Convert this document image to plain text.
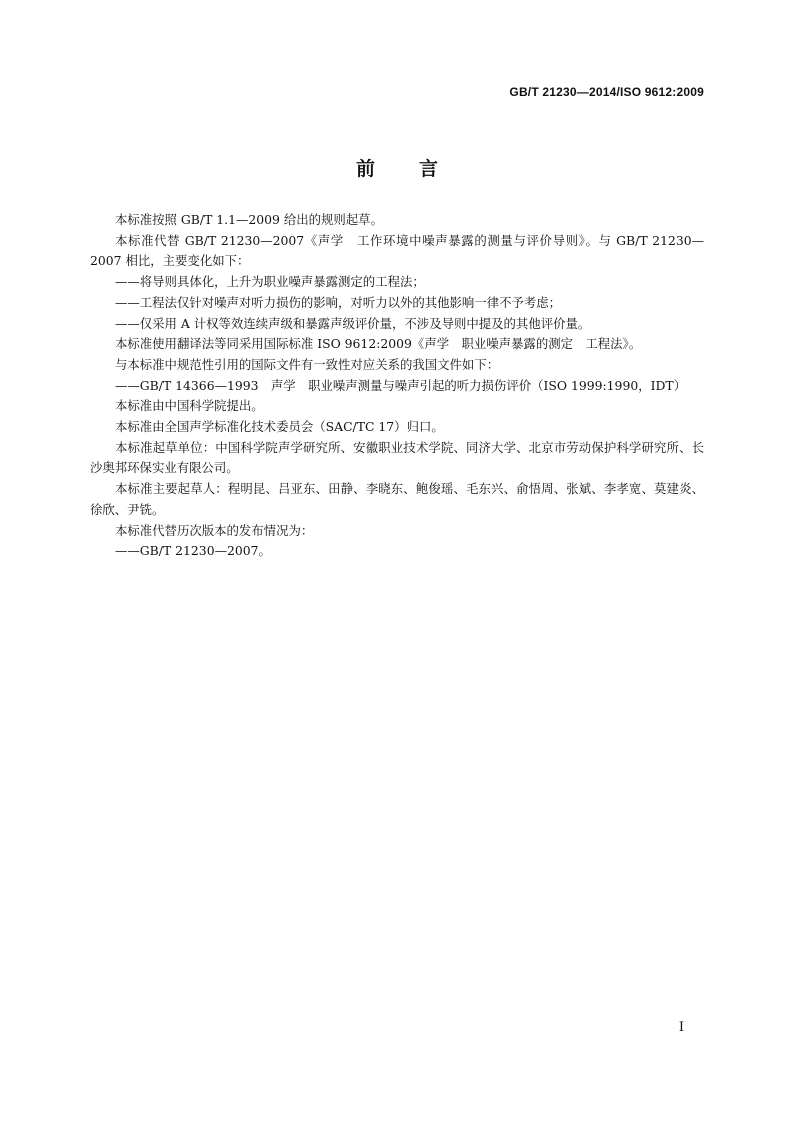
GB/T 21230—2014/ISO 9612:2009
前言

本标准按照 GB/T 1.1—2009 给出的规则起草。

本标准代替 GB/T 21230—2007《声学　工作环境中噪声暴露的测量与评价导则》。与 GB/T 21230—2007 相比，主要变化如下：

——将导则具体化，上升为职业噪声暴露测定的工程法；

——工程法仅针对噪声对听力损伤的影响，对听力以外的其他影响一律不予考虑；

——仅采用 A 计权等效连续声级和暴露声级评价量，不涉及导则中提及的其他评价量。

本标准使用翻译法等同采用国际标准 ISO 9612:2009《声学　职业噪声暴露的测定　工程法》。

与本标准中规范性引用的国际文件有一致性对应关系的我国文件如下：

——GB/T 14366—1993　声学　职业噪声测量与噪声引起的听力损伤评价（ISO 1999:1990，IDT）

本标准由中国科学院提出。

本标准由全国声学标准化技术委员会（SAC/TC 17）归口。

本标准起草单位：中国科学院声学研究所、安徽职业技术学院、同济大学、北京市劳动保护科学研究所、长沙奥邦环保实业有限公司。

本标准主要起草人：程明昆、吕亚东、田静、李晓东、鲍俊瑶、毛东兴、俞悟周、张斌、李孝宽、莫建炎、徐欣、尹铣。

本标准代替历次版本的发布情况为：

——GB/T 21230—2007。

I
